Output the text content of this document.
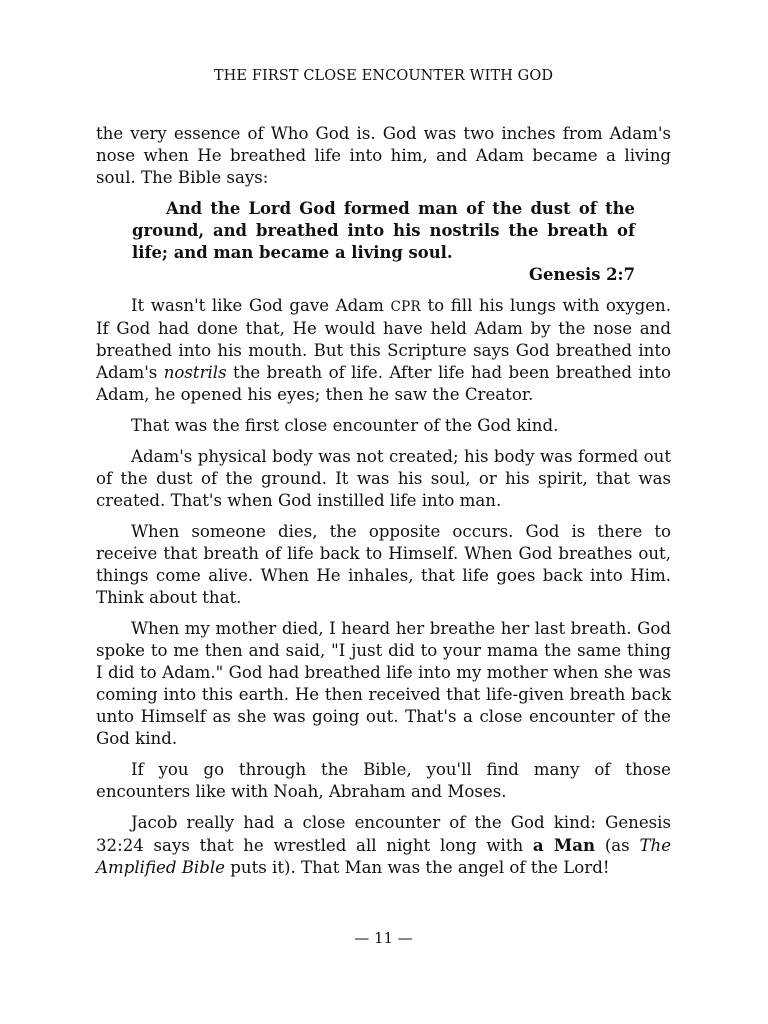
THE FIRST CLOSE ENCOUNTER WITH GOD

the very essence of Who God is. God was two inches from Adam's nose when He breathed life into him, and Adam became a living soul. The Bible says:

And the Lord God formed man of the dust of the ground, and breathed into his nostrils the breath of life; and man became a living soul.

Genesis 2:7

It wasn't like God gave Adam CPR to fill his lungs with oxygen. If God had done that, He would have held Adam by the nose and breathed into his mouth. But this Scripture says God breathed into Adam's nostrils the breath of life. After life had been breathed into Adam, he opened his eyes; then he saw the Creator.

That was the first close encounter of the God kind.

Adam's physical body was not created; his body was formed out of the dust of the ground. It was his soul, or his spirit, that was created. That's when God instilled life into man.

When someone dies, the opposite occurs. God is there to receive that breath of life back to Himself. When God breathes out, things come alive. When He inhales, that life goes back into Him. Think about that.

When my mother died, I heard her breathe her last breath. God spoke to me then and said, "I just did to your mama the same thing I did to Adam." God had breathed life into my mother when she was coming into this earth. He then received that life-given breath back unto Himself as she was going out. That's a close encounter of the God kind.

If you go through the Bible, you'll find many of those encounters like with Noah, Abraham and Moses.

Jacob really had a close encounter of the God kind: Genesis 32:24 says that he wrestled all night long with a Man (as The Amplified Bible puts it). That Man was the angel of the Lord!

— 11 —
